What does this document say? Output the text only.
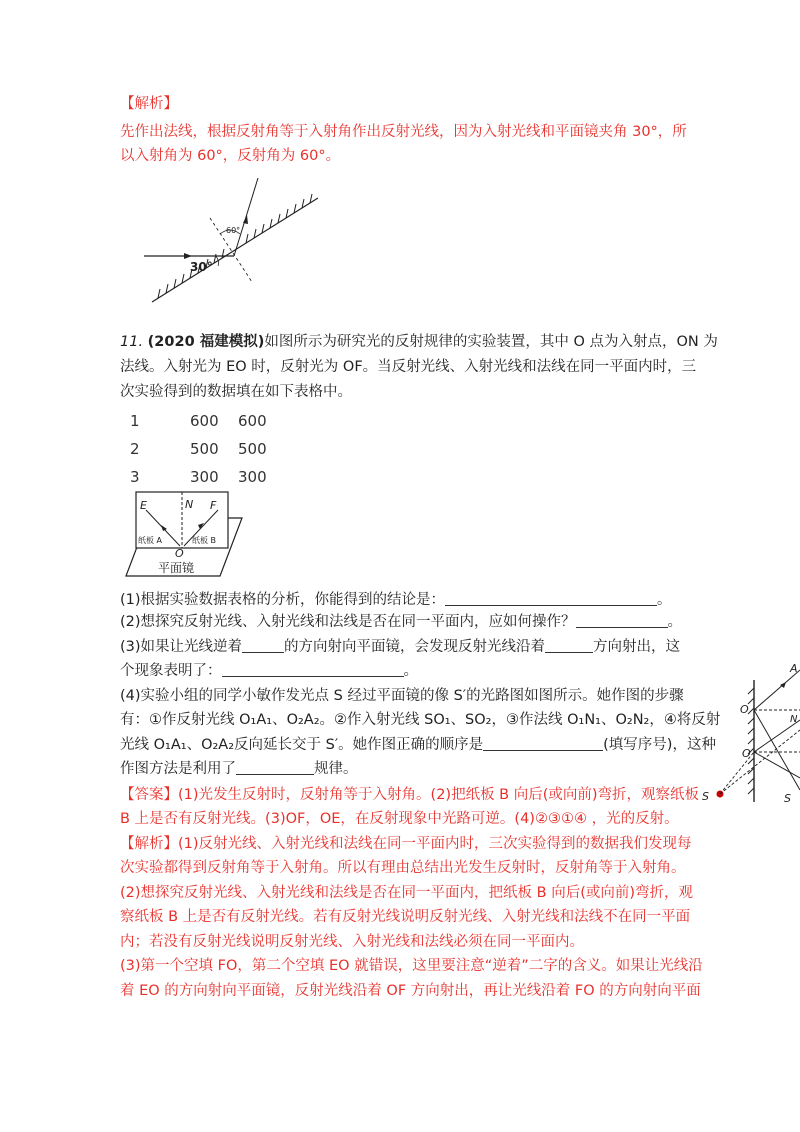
【解析】
先作出法线，根据反射角等于入射角作出反射光线，因为入射光线和平面镜夹角 30°，所
以入射角为 60°，反射角为 60°。
60°
30°
11. (2020 福建模拟)如图所示为研究光的反射规律的实验装置，其中 O 点为入射点，ON 为
法线。入射光为 EO 时，反射光为 OF。当反射光线、入射光线和法线在同一平面内时，三
次实验得到的数据填在如下表格中。
1	600 600
2	500 500
3	300 300
E	N F
纸板 A	纸板 B
O
平面镜
(1)根据实验数据表格的分析，你能得到的结论是：	。
(2)想探究反射光线、入射光线和法线是否在同一平面内，应如何操作？	。
(3)如果让光线逆着	的方向射向平面镜，会发现反射光线沿着	方向射出，这
个现象表明了：	。
(4)实验小组的同学小敏作发光点 S 经过平面镜的像 S′的光路图如图所示。她作图的步骤
有：①作反射光线 O₁A₁、O₂A₂。②作入射光线 SO₁、SO₂，③作法线 O₁N₁、O₂N₂，④将反射
光线 O₁A₁、O₂A₂反向延长交于 S′。她作图正确的顺序是	(填写序号)，这种
作图方法是利用了	规律。
A
O
O
N
S	S
【答案】(1)光发生反射时，反射角等于入射角。(2)把纸板 B 向后(或向前)弯折，观察纸板
B 上是否有反射光线。(3)OF，OE，在反射现象中光路可逆。(4)②③①④ ，光的反射。
【解析】(1)反射光线、入射光线和法线在同一平面内时，三次实验得到的数据我们发现每
次实验都得到反射角等于入射角。所以有理由总结出光发生反射时，反射角等于入射角。
(2)想探究反射光线、入射光线和法线是否在同一平面内，把纸板 B 向后(或向前)弯折，观
察纸板 B 上是否有反射光线。若有反射光线说明反射光线、入射光线和法线不在同一平面
内；若没有反射光线说明反射光线、入射光线和法线必须在同一平面内。
(3)第一个空填 FO，第二个空填 EO 就错误，这里要注意“逆着”二字的含义。如果让光线沿
着 EO 的方向射向平面镜，反射光线沿着 OF 方向射出，再让光线沿着 FO 的方向射向平面
